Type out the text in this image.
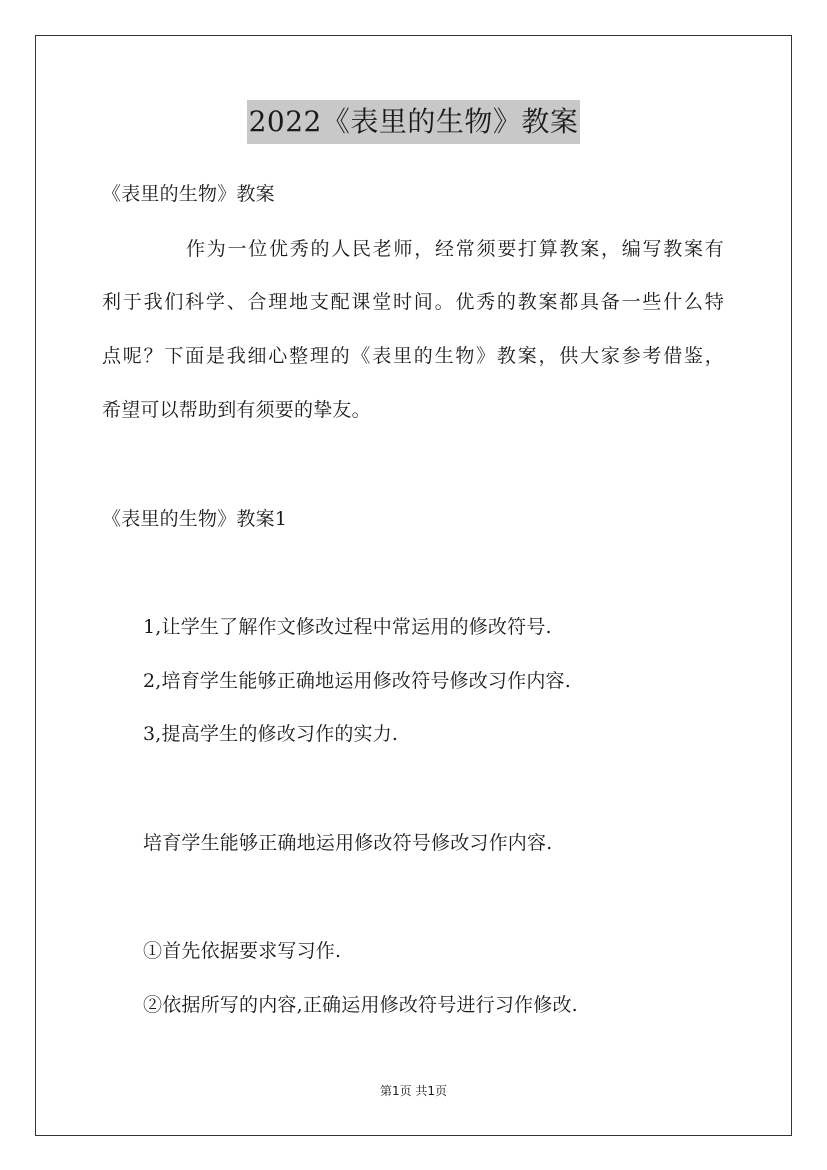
2022《表里的生物》教案
《表里的生物》教案
作为一位优秀的人民老师，经常须要打算教案，编写教案有
利于我们科学、合理地支配课堂时间。优秀的教案都具备一些什么特
点呢？下面是我细心整理的《表里的生物》教案，供大家参考借鉴，
希望可以帮助到有须要的挚友。
《表里的生物》教案1
1,让学生了解作文修改过程中常运用的修改符号.
2,培育学生能够正确地运用修改符号修改习作内容.
3,提高学生的修改习作的实力.
培育学生能够正确地运用修改符号修改习作内容.
①首先依据要求写习作.
②依据所写的内容,正确运用修改符号进行习作修改.
第1页 共1页
